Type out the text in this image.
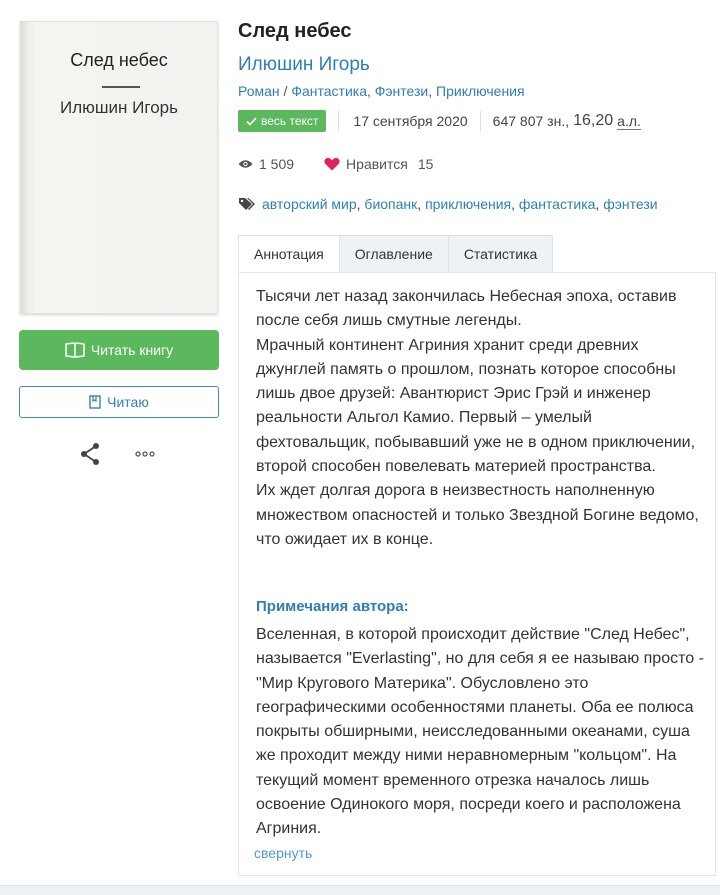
След небес
Илюшин Игорь
Читать книгу
Читаю
След небес
Илюшин Игорь
Роман / Фантастика, Фэнтези, Приключения
весь текст	17 сентября 2020 647 807 зн., 16,20 а.л.
1 509	Нравится 15
авторский мир , биопанк , приключения , фантастика , фэнтези
Аннотация	Оглавление	Статистика
Тысячи лет назад закончилась Небесная эпоха, оставив после себя лишь смутные легенды.
Мрачный континент Агриния хранит среди древних джунглей память о прошлом, познать которое способны лишь двое друзей: Авантюрист Эрис Грэй и инженер реальности Альгол Камио. Первый – умелый фехтовальщик, побывавший уже не в одном приключении, второй способен повелевать материей пространства.
Их ждет долгая дорога в неизвестность наполненную множеством опасностей и только Звездной Богине ведомо, что ожидает их в конце.
Примечания автора:
Вселенная, в которой происходит действие "След Небес", называется "Everlasting", но для себя я ее называю просто - "Мир Кругового Материка". Обусловлено это географическими особенностями планеты. Оба ее полюса покрыты обширными, неисследованными океанами, суша же проходит между ними неравномерным "кольцом". На текущий момент временного отрезка началось лишь освоение Одинокого моря, посреди коего и расположена Агриния.
свернуть
